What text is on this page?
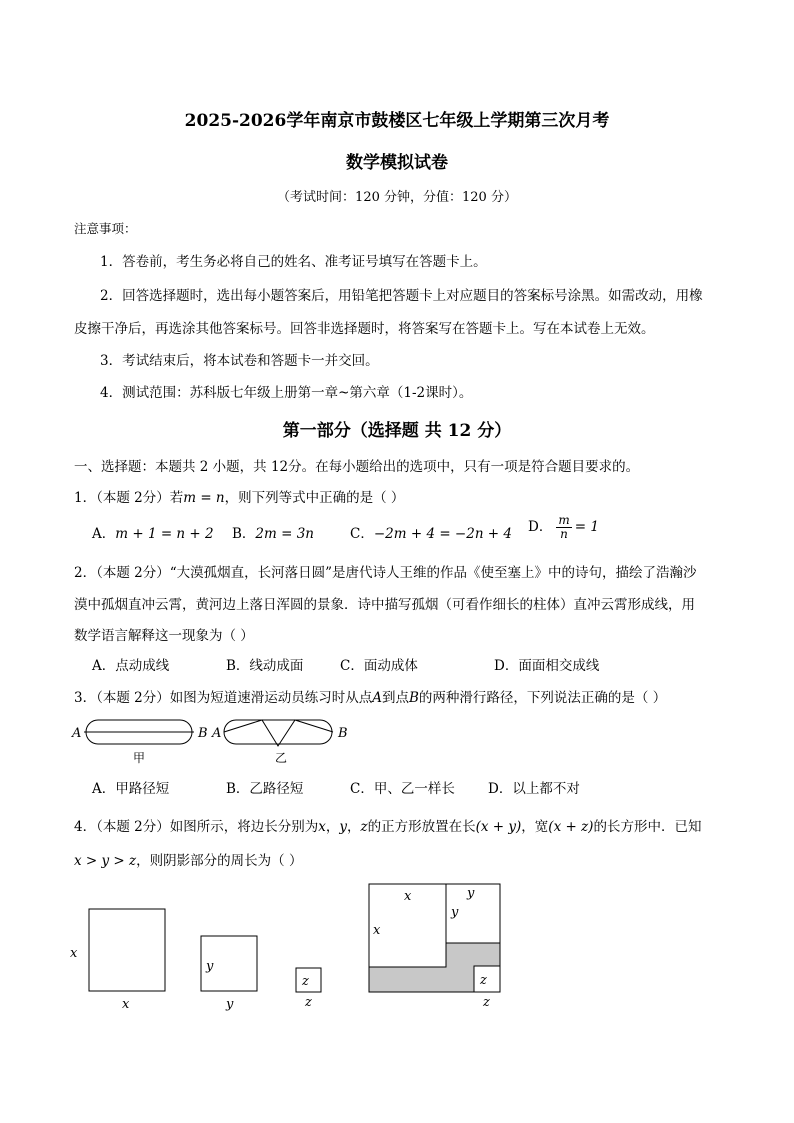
2025-2026学年南京市鼓楼区七年级上学期第三次月考
数学模拟试卷
（考试时间：120 分钟，分值：120 分）
注意事项：
1．答卷前，考生务必将自己的姓名、准考证号填写在答题卡上。
2．回答选择题时，选出每小题答案后，用铅笔把答题卡上对应题目的答案标号涂黑。如需改动，用橡
皮擦干净后，再选涂其他答案标号。回答非选择题时，将答案写在答题卡上。写在本试卷上无效。
3．考试结束后，将本试卷和答题卡一并交回。
4．测试范围：苏科版七年级上册第一章~第六章（1-2课时）。
第一部分（选择题 共 12 分）
一、选择题：本题共 2 小题，共 12分。在每小题给出的选项中，只有一项是符合题目要求的。
1．（本题 2分）若m = n，则下列等式中正确的是（ ）
A．m + 1 = n + 2 B．2m = 3n	C．−2m + 4 = −2n + 4 D． $\frac{m}{n} = 1$
2．（本题 2分）“大漠孤烟直，长河落日圆”是唐代诗人王维的作品《使至塞上》中的诗句，描绘了浩瀚沙
漠中孤烟直冲云霄，黄河边上落日浑圆的景象．诗中描写孤烟（可看作细长的柱体）直冲云霄形成线，用
数学语言解释这一现象为（ ）
A．点动成线	B．线动成面	C．面动成体	D．面面相交成线
3．（本题 2分）如图为短道速滑运动员练习时从点A到点B的两种滑行路径，下列说法正确的是（ ）
A	B
甲
A	B
乙
A．甲路径短	B．乙路径短	C．甲、乙一样长 D．以上都不对
4．（本题 2分）如图所示，将边长分别为x，y，z的正方形放置在长(x + y)，宽(x + z)的长方形中．已知
x > y > z，则阴影部分的周长为（ ）
x
x
y
y
z
z
x
x
y
y
z
z
